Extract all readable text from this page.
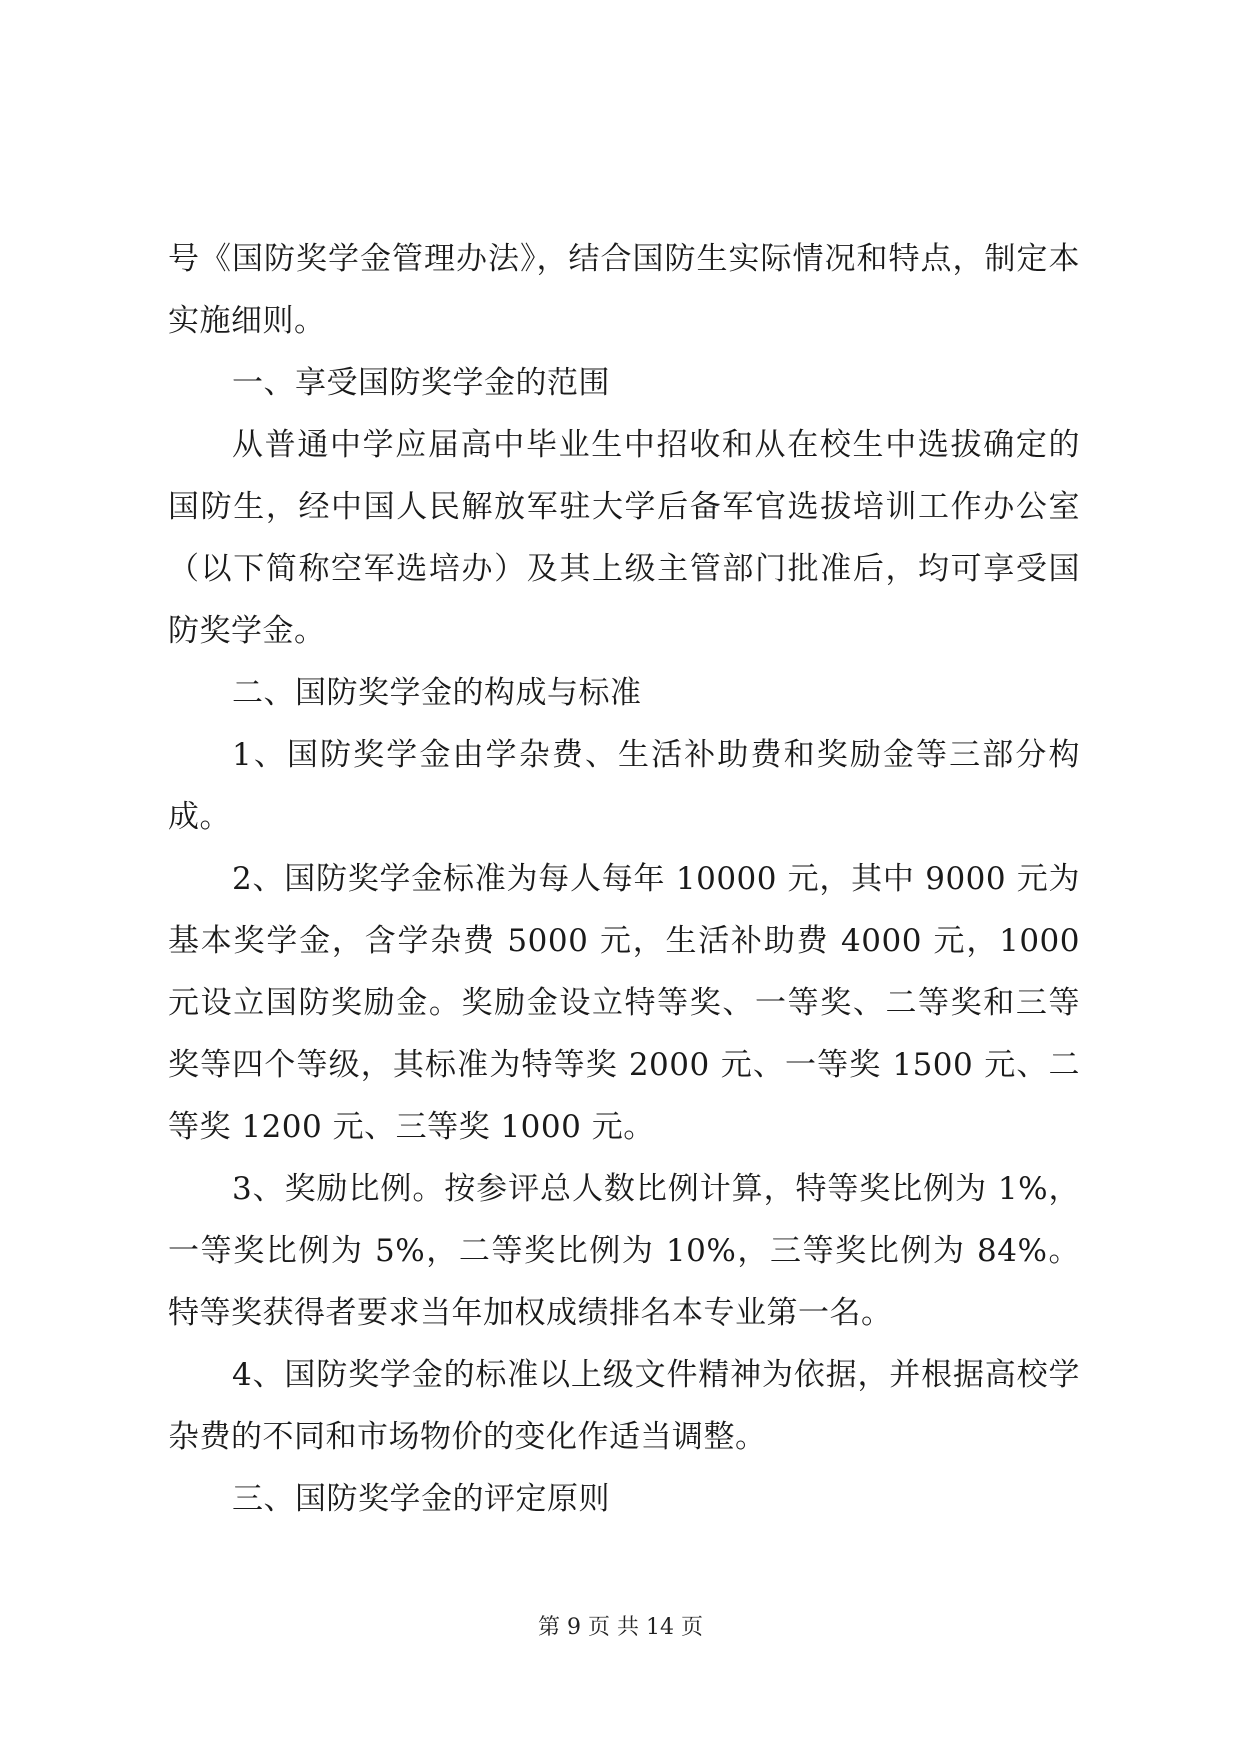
号《国防奖学金管理办法》，结合国防生实际情况和特点，制定本实施细则。

一、享受国防奖学金的范围

从普通中学应届高中毕业生中招收和从在校生中选拔确定的国防生，经中国人民解放军驻大学后备军官选拔培训工作办公室（以下简称空军选培办）及其上级主管部门批准后，均可享受国防奖学金。

二、国防奖学金的构成与标准

1、国防奖学金由学杂费、生活补助费和奖励金等三部分构成。

2、国防奖学金标准为每人每年 10000 元，其中 9000 元为基本奖学金，含学杂费 5000 元，生活补助费 4000 元，1000 元设立国防奖励金。奖励金设立特等奖、一等奖、二等奖和三等奖等四个等级，其标准为特等奖 2000 元、一等奖 1500 元、二等奖 1200 元、三等奖 1000 元。

3、奖励比例。按参评总人数比例计算，特等奖比例为 1%，一等奖比例为 5%，二等奖比例为 10%，三等奖比例为 84%。特等奖获得者要求当年加权成绩排名本专业第一名。

4、国防奖学金的标准以上级文件精神为依据，并根据高校学杂费的不同和市场物价的变化作适当调整。

三、国防奖学金的评定原则

第 9 页 共 14 页
